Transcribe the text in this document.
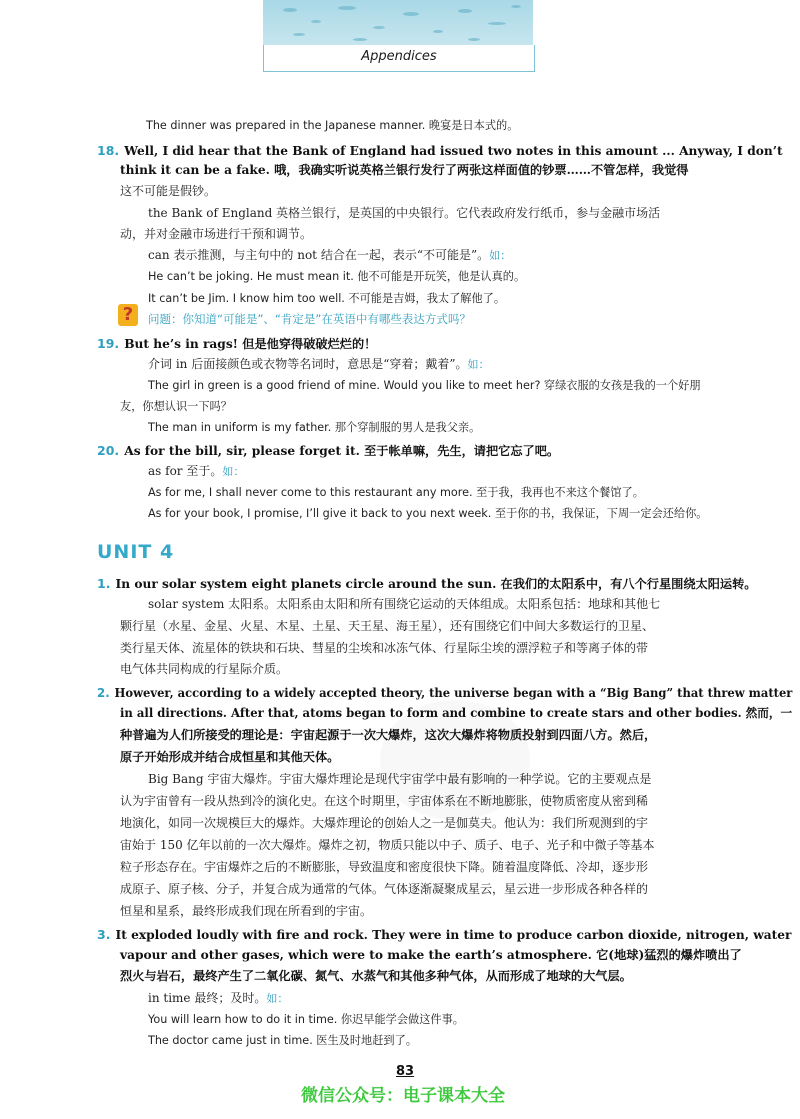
Appendices
The dinner was prepared in the Japanese manner. 晚宴是日本式的。
18. Well, I did hear that the Bank of England had issued two notes in this amount ... Anyway, I don’t
think it can be a fake. 哦，我确实听说英格兰银行发行了两张这样面值的钞票……不管怎样，我觉得
这不可能是假钞。
the Bank of England 英格兰银行，是英国的中央银行。它代表政府发行纸币，参与金融市场活
动，并对金融市场进行干预和调节。
can 表示推测，与主句中的 not 结合在一起，表示“不可能是”。如：
He can’t be joking. He must mean it. 他不可能是开玩笑，他是认真的。
It can’t be Jim. I know him too well. 不可能是吉姆，我太了解他了。
?	问题：你知道“可能是”、“肯定是”在英语中有哪些表达方式吗？
19. But he’s in rags! 但是他穿得破破烂烂的！
介词 in 后面接颜色或衣物等名词时，意思是“穿着；戴着”。如：
The girl in green is a good friend of mine. Would you like to meet her? 穿绿衣服的女孩是我的一个好朋
友，你想认识一下吗？
The man in uniform is my father. 那个穿制服的男人是我父亲。
20. As for the bill, sir, please forget it. 至于帐单嘛，先生，请把它忘了吧。
as for 至于。如：
As for me, I shall never come to this restaurant any more. 至于我，我再也不来这个餐馆了。
As for your book, I promise, I’ll give it back to you next week. 至于你的书，我保证，下周一定会还给你。
UNIT 4
1. In our solar system eight planets circle around the sun. 在我们的太阳系中，有八个行星围绕太阳运转。
solar system 太阳系。太阳系由太阳和所有围绕它运动的天体组成。太阳系包括：地球和其他七
颗行星（水星、金星、火星、木星、土星、天王星、海王星），还有围绕它们中间大多数运行的卫星、
类行星天体、流星体的铁块和石块、彗星的尘埃和冰冻气体、行星际尘埃的漂浮粒子和等离子体的带
电气体共同构成的行星际介质。
2. However, according to a widely accepted theory, the universe began with a “Big Bang” that threw matter
in all directions. After that, atoms began to form and combine to create stars and other bodies. 然而，一
种普遍为人们所接受的理论是：宇宙起源于一次大爆炸，这次大爆炸将物质投射到四面八方。然后，
原子开始形成并结合成恒星和其他天体。
Big Bang 宇宙大爆炸。宇宙大爆炸理论是现代宇宙学中最有影响的一种学说。它的主要观点是
认为宇宙曾有一段从热到冷的演化史。在这个时期里，宇宙体系在不断地膨胀，使物质密度从密到稀
地演化，如同一次规模巨大的爆炸。大爆炸理论的创始人之一是伽莫夫。他认为：我们所观测到的宇
宙始于 150 亿年以前的一次大爆炸。爆炸之初，物质只能以中子、质子、电子、光子和中微子等基本
粒子形态存在。宇宙爆炸之后的不断膨胀，导致温度和密度很快下降。随着温度降低、冷却，逐步形
成原子、原子核、分子，并复合成为通常的气体。气体逐渐凝聚成星云，星云进一步形成各种各样的
恒星和星系，最终形成我们现在所看到的宇宙。
3. It exploded loudly with fire and rock. They were in time to produce carbon dioxide, nitrogen, water
vapour and other gases, which were to make the earth’s atmosphere. 它(地球)猛烈的爆炸喷出了
烈火与岩石，最终产生了二氧化碳、氮气、水蒸气和其他多种气体，从而形成了地球的大气层。
in time 最终；及时。如：
You will learn how to do it in time. 你迟早能学会做这件事。
The doctor came just in time. 医生及时地赶到了。
83
微信公众号：电子课本大全
